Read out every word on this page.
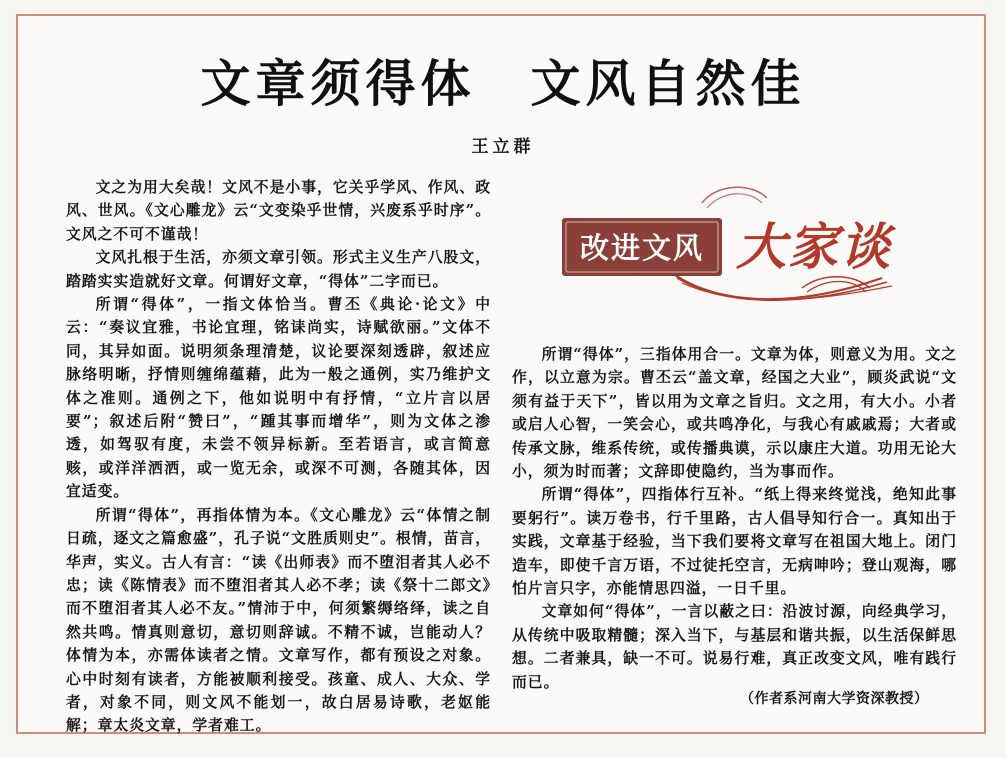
文章须得体　文风自然佳
王立群

文之为用大矣哉！文风不是小事，它关乎学风、作风、政风、世风。《文心雕龙》云“文变染乎世情，兴废系乎时序”。文风之不可不谨哉！

文风扎根于生活，亦须文章引领。形式主义生产八股文，踏踏实实造就好文章。何谓好文章，“得体”二字而已。

所谓“得体”，一指文体恰当。曹丕《典论·论文》中云：“奏议宜雅，书论宜理，铭诔尚实，诗赋欲丽。”文体不同，其异如面。说明须条理清楚，议论要深刻透辟，叙述应脉络明晰，抒情则缠绵蕴藉，此为一般之通例，实乃维护文体之准则。通例之下，他如说明中有抒情，“立片言以居要”；叙述后附“赞曰”，“踵其事而增华”，则为文体之渗透，如驾驭有度，未尝不领异标新。至若语言，或言简意赅，或洋洋洒洒，或一览无余，或深不可测，各随其体，因宜适变。

所谓“得体”，再指体情为本。《文心雕龙》云“体情之制日疏，逐文之篇愈盛”，孔子说“文胜质则史”。根情，苗言，华声，实义。古人有言：“读《出师表》而不堕泪者其人必不忠；读《陈情表》而不堕泪者其人必不孝；读《祭十二郎文》而不堕泪者其人必不友。”情沛于中，何须繁缛络绎，读之自然共鸣。情真则意切，意切则辞诚。不精不诚，岂能动人？体情为本，亦需体读者之情。文章写作，都有预设之对象。心中时刻有读者，方能被顺利接受。孩童、成人、大众、学者，对象不同，则文风不能划一，故白居易诗歌，老妪能解；章太炎文章，学者难工。

改进文风 大家谈

所谓“得体”，三指体用合一。文章为体，则意义为用。文之作，以立意为宗。曹丕云“盖文章，经国之大业”，顾炎武说“文须有益于天下”，皆以用为文章之旨归。文之用，有大小。小者或启人心智，一笑会心，或共鸣净化，与我心有戚戚焉；大者或传承文脉，维系传统，或传播典谟，示以康庄大道。功用无论大小，须为时而著；文辞即使隐约，当为事而作。

所谓“得体”，四指体行互补。“纸上得来终觉浅，绝知此事要躬行”。读万卷书，行千里路，古人倡导知行合一。真知出于实践，文章基于经验，当下我们要将文章写在祖国大地上。闭门造车，即使千言万语，不过徒托空言，无病呻吟；登山观海，哪怕片言只字，亦能情思四溢，一日千里。

文章如何“得体”，一言以蔽之曰：沿波讨源，向经典学习，从传统中吸取精髓；深入当下，与基层和谐共振，以生活保鲜思想。二者兼具，缺一不可。说易行难，真正改变文风，唯有践行而已。

（作者系河南大学资深教授）
